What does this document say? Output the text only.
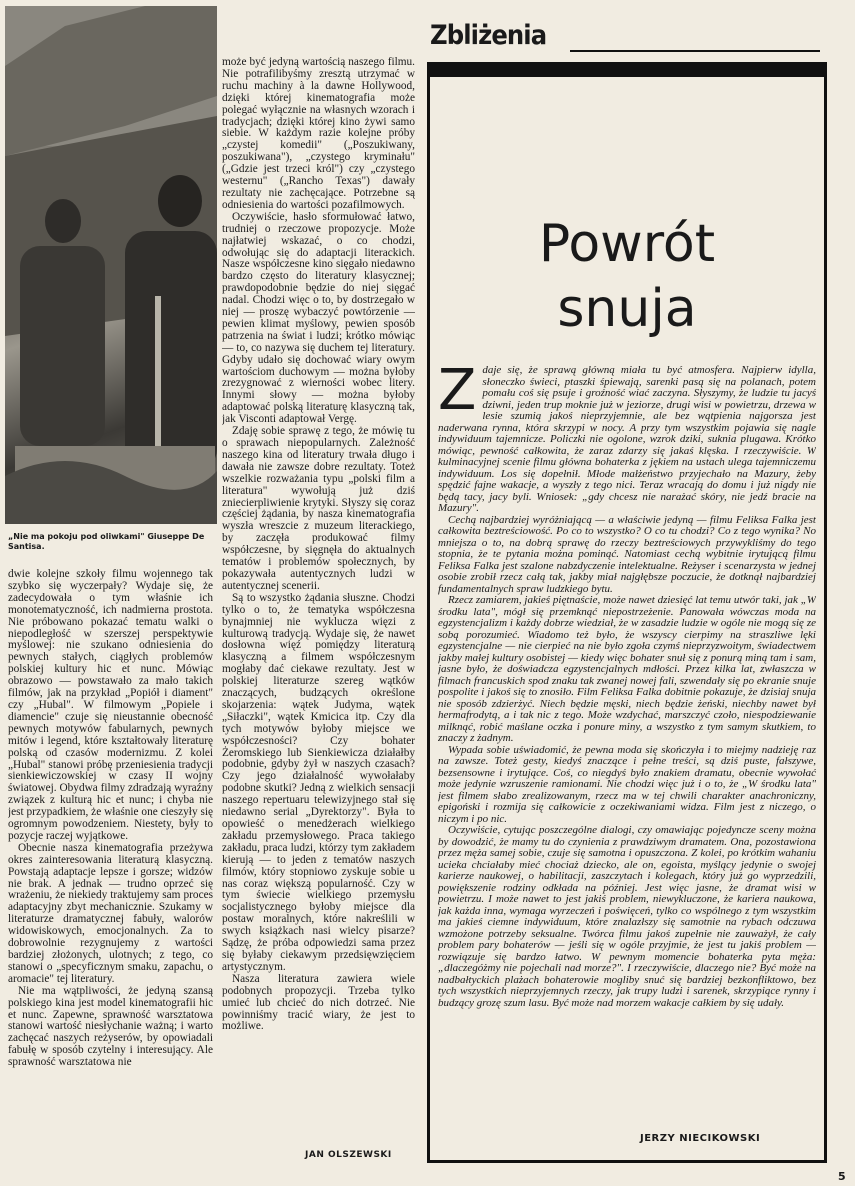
„Nie ma pokoju pod oliwkami" Giuseppe De Santisa.

dwie kolejne szkoły filmu wojennego tak szybko się wyczerpały? Wydaje się, że zadecydowała o tym właśnie ich monotematyczność, ich nadmierna prostota. Nie próbowano pokazać tematu walki o niepodległość w szerszej perspektywie myślowej: nie szukano odniesienia do pewnych stałych, ciągłych problemów polskiej kultury hic et nunc. Mówiąc obrazowo — powstawało za mało takich filmów, jak na przykład „Popiół i diament" czy „Hubal". W filmowym „Popiele i diamencie" czuje się nieustannie obecność pewnych motywów fabularnych, pewnych mitów i legend, które kształtowały literaturę polską od czasów modernizmu. Z kolei „Hubal" stanowi próbę przeniesienia tradycji sienkiewiczowskiej w czasy II wojny światowej. Obydwa filmy zdradzają wyraźny związek z kulturą hic et nunc; i chyba nie jest przypadkiem, że właśnie one cieszyły się ogromnym powodzeniem. Niestety, były to pozycje raczej wyjątkowe.

Obecnie nasza kinematografia przeżywa okres zainteresowania literaturą klasyczną. Powstają adaptacje lepsze i gorsze; widzów nie brak. A jednak — trudno oprzeć się wrażeniu, że niekiedy traktujemy sam proces adaptacyjny zbyt mechanicznie. Szukamy w literaturze dramatycznej fabuły, walorów widowiskowych, emocjonalnych. Za to dobrowolnie rezygnujemy z wartości bardziej złożonych, ulotnych; z tego, co stanowi o „specyficznym smaku, zapachu, o aromacie" tej literatury.

Nie ma wątpliwości, że jedyną szansą polskiego kina jest model kinematografii hic et nunc. Zapewne, sprawność warsztatowa stanowi wartość niesłychanie ważną; i warto zachęcać naszych reżyserów, by opowiadali fabułę w sposób czytelny i interesujący. Ale sprawność warsztatowa nie

może być jedyną wartością naszego filmu. Nie potrafilibyśmy zresztą utrzymać w ruchu machiny à la dawne Hollywood, dzięki której kinematografia może polegać wyłącznie na własnych wzorach i tradycjach; dzięki której kino żywi samo siebie. W każdym razie kolejne próby „czystej komedii" („Poszukiwany, poszukiwana"), „czystego kryminału" („Gdzie jest trzeci król") czy „czystego westernu" („Rancho Texas") dawały rezultaty nie zachęcające. Potrzebne są odniesienia do wartości pozafilmowych.

Oczywiście, hasło sformułować łatwo, trudniej o rzeczowe propozycje. Może najłatwiej wskazać, o co chodzi, odwołując się do adaptacji literackich. Nasze współczesne kino sięgało niedawno bardzo często do literatury klasycznej; prawdopodobnie będzie do niej sięgać nadal. Chodzi więc o to, by dostrzegało w niej — proszę wybaczyć powtórzenie — pewien klimat myślowy, pewien sposób patrzenia na świat i ludzi; krótko mówiąc — to, co nazywa się duchem tej literatury. Gdyby udało się dochować wiary owym wartościom duchowym — można byłoby zrezygnować z wierności wobec litery. Innymi słowy — można byłoby adaptować polską literaturę klasyczną tak, jak Visconti adaptował Vergę.

Zdaję sobie sprawę z tego, że mówię tu o sprawach niepopularnych. Zależność naszego kina od literatury trwała długo i dawała nie zawsze dobre rezultaty. Toteż wszelkie rozważania typu „polski film a literatura" wywołują już dziś zniecierpliwienie krytyki. Słyszy się coraz częściej żądania, by nasza kinematografia wyszła wreszcie z muzeum literackiego, by zaczęła produkować filmy współczesne, by sięgnęła do aktualnych tematów i problemów społecznych, by pokazywała autentycznych ludzi w autentycznej scenerii.

Są to wszystko żądania słuszne. Chodzi tylko o to, że tematyka współczesna bynajmniej nie wyklucza więzi z kulturową tradycją. Wydaje się, że nawet dosłowna więź pomiędzy literaturą klasyczną a filmem współczesnym mogłaby dać ciekawe rezultaty. Jest w polskiej literaturze szereg wątków znaczących, budzących określone skojarzenia: wątek Judyma, wątek „Siłaczki", wątek Kmicica itp. Czy dla tych motywów byłoby miejsce we współczesności? Czy bohater Żeromskiego lub Sienkiewicza działałby podobnie, gdyby żył w naszych czasach? Czy jego działalność wywołałaby podobne skutki? Jedną z wielkich sensacji naszego repertuaru telewizyjnego stał się niedawno serial „Dyrektorzy". Była to opowieść o menedżerach wielkiego zakładu przemysłowego. Praca takiego zakładu, praca ludzi, którzy tym zakładem kierują — to jeden z tematów naszych filmów, który stopniowo zyskuje sobie u nas coraz większą popularność. Czy w tym świecie wielkiego przemysłu socjalistycznego byłoby miejsce dla postaw moralnych, które nakreślili w swych książkach nasi wielcy pisarze? Sądzę, że próba odpowiedzi sama przez się byłaby ciekawym przedsięwzięciem artystycznym.

Nasza literatura zawiera wiele podobnych propozycji. Trzeba tylko umieć lub chcieć do nich dotrzeć. Nie powinniśmy tracić wiary, że jest to możliwe.

JAN OLSZEWSKI
Zbliżenia
Powrót
snuja

Zdaje się, że sprawą główną miała tu być atmosfera. Najpierw idylla, słoneczko świeci, ptaszki śpiewają, sarenki pasą się na polanach, potem pomału coś się psuje i groźność wiać zaczyna. Słyszymy, że ludzie tu jacyś dziwni, jeden trup moknie już w jeziorze, drugi wisi w powietrzu, drzewa w lesie szumią jakoś nieprzyjemnie, ale bez wątpienia najgorsza jest naderwana rynna, która skrzypi w nocy. A przy tym wszystkim pojawia się nagle indywiduum tajemnicze. Policzki nie ogolone, wzrok dziki, suknia plugawa. Krótko mówiąc, pewność całkowita, że zaraz zdarzy się jakaś klęska. I rzeczywiście. W kulminacyjnej scenie filmu główna bohaterka z jękiem na ustach ulega tajemniczemu indywiduum. Los się dopełnił. Młode małżeństwo przyjechało na Mazury, żeby spędzić fajne wakacje, a wyszły z tego nici. Teraz wracają do domu i już nigdy nie będą tacy, jacy byli. Wniosek: „gdy chcesz nie narażać skóry, nie jedź bracie na Mazury".

Cechą najbardziej wyróżniającą — a właściwie jedyną — filmu Feliksa Falka jest całkowita beztreściowość. Po co to wszystko? O co tu chodzi? Co z tego wynika? No mniejsza o to, na dobrą sprawę do rzeczy beztreściowych przywykliśmy do tego stopnia, że te pytania można pominąć. Natomiast cechą wybitnie irytującą filmu Feliksa Falka jest szalone nabzdyczenie intelektualne. Reżyser i scenarzysta w jednej osobie zrobił rzecz całą tak, jakby miał najgłębsze poczucie, że dotknął najbardziej fundamentalnych spraw ludzkiego bytu.

Rzecz zamiarem, jakieś piętnaście, może nawet dziesięć lat temu utwór taki, jak „W środku lata", mógł się przemknąć niepostrzeżenie. Panowała wówczas moda na egzystencjalizm i każdy dobrze wiedział, że w zasadzie ludzie w ogóle nie mogą się ze sobą porozumieć. Wiadomo też było, że wszyscy cierpimy na straszliwe lęki egzystencjalne — nie cierpieć na nie było zgoła czymś nieprzyzwoitym, świadectwem jakby małej kultury osobistej — kiedy więc bohater snuł się z ponurą miną tam i sam, jasne było, że doświadcza egzystencjalnych mdłości. Przez kilka lat, zwłaszcza w filmach francuskich spod znaku tak zwanej nowej fali, szwendały się po ekranie snuje pospolite i jakoś się to znosiło. Film Feliksa Falka dobitnie pokazuje, że dzisiaj snuja nie sposób zdzierżyć. Niech będzie męski, niech będzie żeński, niechby nawet był hermafrodytą, a i tak nic z tego. Może wzdychać, marszczyć czoło, niespodziewanie milknąć, robić maślane oczka i ponure miny, a wszystko z tym samym skutkiem, to znaczy z żadnym.

Wypada sobie uświadomić, że pewna moda się skończyła i to miejmy nadzieję raz na zawsze. Toteż gesty, kiedyś znaczące i pełne treści, są dziś puste, fałszywe, bezsensowne i irytujące. Coś, co niegdyś było znakiem dramatu, obecnie wywołać może jedynie wzruszenie ramionami. Nie chodzi więc już i o to, że „W środku lata" jest filmem słabo zrealizowanym, rzecz ma w tej chwili charakter anachroniczny, epigoński i rozmija się całkowicie z oczekiwaniami widza. Film jest z niczego, o niczym i po nic.

Oczywiście, cytując poszczególne dialogi, czy omawiając pojedyncze sceny można by dowodzić, że mamy tu do czynienia z prawdziwym dramatem. Ona, pozostawiona przez męża samej sobie, czuje się samotna i opuszczona. Z kolei, po krótkim wahaniu ucieka chciałaby mieć chociaż dziecko, ale on, egoista, myślący jedynie o swojej karierze naukowej, o habilitacji, zaszczytach i kolegach, który już go wyprzedzili, powiększenie rodziny odkłada na później. Jest więc jasne, że dramat wisi w powietrzu. I może nawet to jest jakiś problem, niewykluczone, że kariera naukowa, jak każda inna, wymaga wyrzeczeń i poświęceń, tylko co wspólnego z tym wszystkim ma jakieś ciemne indywiduum, które znalazłszy się samotnie na rybach odczuwa wzmożone potrzeby seksualne. Twórca filmu jakoś zupełnie nie zauważył, że cały problem pary bohaterów — jeśli się w ogóle przyjmie, że jest tu jakiś problem — rozwiązuje się bardzo łatwo. W pewnym momencie bohaterka pyta męża: „dlaczegóżmy nie pojechali nad morze?". I rzeczywiście, dlaczego nie? Być może na nadbałtyckich plażach bohaterowie mogliby snuć się bardziej bezkonfliktowo, bez tych wszystkich nieprzyjemnych rzeczy, jak trupy ludzi i sarenek, skrzypiące rynny i budzący grozę szum lasu. Być może nad morzem wakacje całkiem by się udały.

JERZY NIECIKOWSKI
5
